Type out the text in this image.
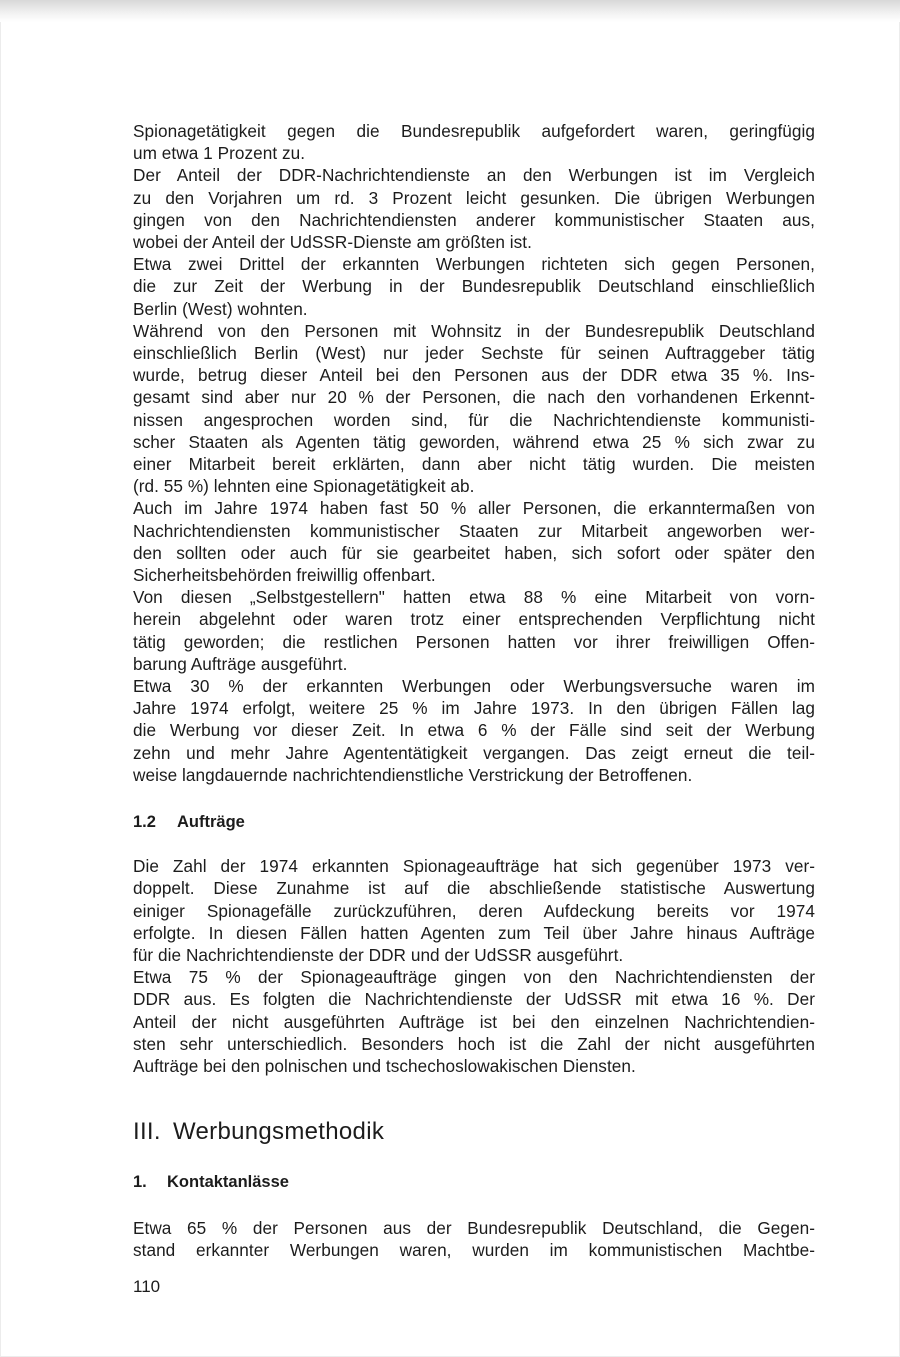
Spionagetätigkeit gegen die Bundesrepublik aufgefordert waren, geringfügig
um etwa 1 Prozent zu.
Der Anteil der DDR-Nachrichtendienste an den Werbungen ist im Vergleich
zu den Vorjahren um rd. 3 Prozent leicht gesunken. Die übrigen Werbungen
gingen von den Nachrichtendiensten anderer kommunistischer Staaten aus,
wobei der Anteil der UdSSR-Dienste am größten ist.
Etwa zwei Drittel der erkannten Werbungen richteten sich gegen Personen,
die zur Zeit der Werbung in der Bundesrepublik Deutschland einschließlich
Berlin (West) wohnten.
Während von den Personen mit Wohnsitz in der Bundesrepublik Deutschland
einschließlich Berlin (West) nur jeder Sechste für seinen Auftraggeber tätig
wurde, betrug dieser Anteil bei den Personen aus der DDR etwa 35 %. Ins-
gesamt sind aber nur 20 % der Personen, die nach den vorhandenen Erkennt-
nissen angesprochen worden sind, für die Nachrichtendienste kommunisti-
scher Staaten als Agenten tätig geworden, während etwa 25 % sich zwar zu
einer Mitarbeit bereit erklärten, dann aber nicht tätig wurden. Die meisten
(rd. 55 %) lehnten eine Spionagetätigkeit ab.
Auch im Jahre 1974 haben fast 50 % aller Personen, die erkanntermaßen von
Nachrichtendiensten kommunistischer Staaten zur Mitarbeit angeworben wer-
den sollten oder auch für sie gearbeitet haben, sich sofort oder später den
Sicherheitsbehörden freiwillig offenbart.
Von diesen „Selbstgestellern" hatten etwa 88 % eine Mitarbeit von vorn-
herein abgelehnt oder waren trotz einer entsprechenden Verpflichtung nicht
tätig geworden; die restlichen Personen hatten vor ihrer freiwilligen Offen-
barung Aufträge ausgeführt.
Etwa 30 % der erkannten Werbungen oder Werbungsversuche waren im
Jahre 1974 erfolgt, weitere 25 % im Jahre 1973. In den übrigen Fällen lag
die Werbung vor dieser Zeit. In etwa 6 % der Fälle sind seit der Werbung
zehn und mehr Jahre Agententätigkeit vergangen. Das zeigt erneut die teil-
weise langdauernde nachrichtendienstliche Verstrickung der Betroffenen.

1.2 Aufträge

Die Zahl der 1974 erkannten Spionageaufträge hat sich gegenüber 1973 ver-
doppelt. Diese Zunahme ist auf die abschließende statistische Auswertung
einiger Spionagefälle zurückzuführen, deren Aufdeckung bereits vor 1974
erfolgte. In diesen Fällen hatten Agenten zum Teil über Jahre hinaus Aufträge
für die Nachrichtendienste der DDR und der UdSSR ausgeführt.
Etwa 75 % der Spionageaufträge gingen von den Nachrichtendiensten der
DDR aus. Es folgten die Nachrichtendienste der UdSSR mit etwa 16 %. Der
Anteil der nicht ausgeführten Aufträge ist bei den einzelnen Nachrichtendien-
sten sehr unterschiedlich. Besonders hoch ist die Zahl der nicht ausgeführten
Aufträge bei den polnischen und tschechoslowakischen Diensten.

III. Werbungsmethodik
1. Kontaktanlässe

Etwa 65 % der Personen aus der Bundesrepublik Deutschland, die Gegen-
stand erkannter Werbungen waren, wurden im kommunistischen Machtbe-

110
